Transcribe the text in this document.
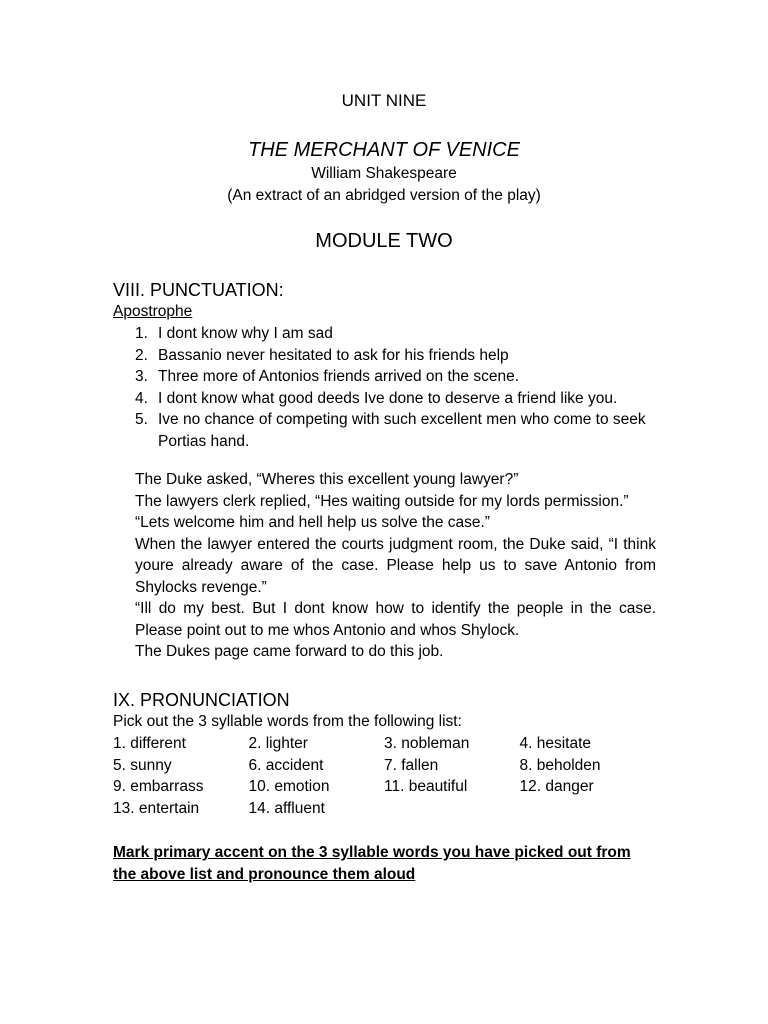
UNIT NINE
THE MERCHANT OF VENICE
William Shakespeare
(An extract of an abridged version of the play)
MODULE TWO
VIII. PUNCTUATION:
Apostrophe
1. I dont know why I am sad
2. Bassanio never hesitated to ask for his friends help
3. Three more of Antonios friends arrived on the scene.
4. I dont know what good deeds Ive done to deserve a friend like you.
5. Ive no chance of competing with such excellent men who come to seek Portias hand.

The Duke asked, “Wheres this excellent young lawyer?”

The lawyers clerk replied, “Hes waiting outside for my lords permission.”

“Lets welcome him and hell help us solve the case.”

When the lawyer entered the courts judgment room, the Duke said, “I think youre already aware of the case. Please help us to save Antonio from Shylocks revenge.”

“Ill do my best. But I dont know how to identify the people in the case. Please point out to me whos Antonio and whos Shylock.

The Dukes page came forward to do this job.

IX. PRONUNCIATION
Pick out the 3 syllable words from the following list:
1. different	2. lighter	3. nobleman	4. hesitate
5. sunny	6. accident	7. fallen	8. beholden
9. embarrass	10. emotion	11. beautiful	12. danger
13. entertain	14. affluent
Mark primary accent on the 3 syllable words you have picked out from the above list and pronounce them aloud
